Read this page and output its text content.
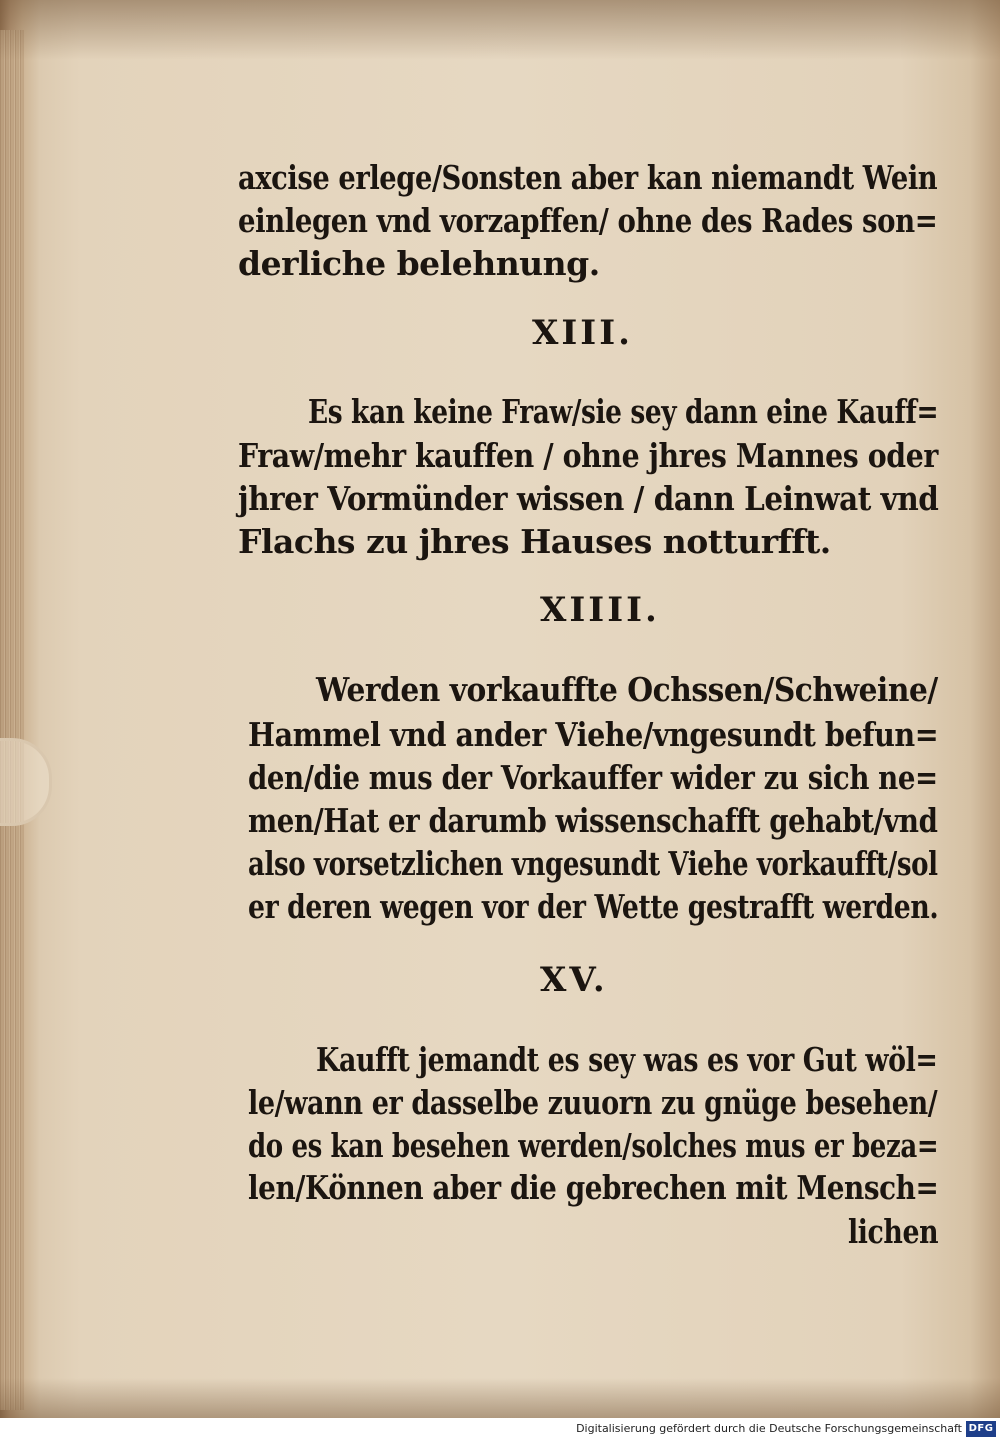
axcise erlege/Sonsten aber kan niemandt Wein
einlegen vnd vorzapffen/ ohne des Rades son=
derliche belehnung.
XIII.
Es kan keine Fraw/sie sey dann eine Kauff=
Fraw/mehr kauffen / ohne jhres Mannes oder
jhrer Vormünder wissen / dann Leinwat vnd
Flachs zu jhres Hauses notturfft.
XIIII.
Werden vorkauffte Ochssen/Schweine/
Hammel vnd ander Viehe/vngesundt befun=
den/die mus der Vorkauffer wider zu sich ne=
men/Hat er darumb wissenschafft gehabt/vnd
also vorsetzlichen vngesundt Viehe vorkaufft/sol
er deren wegen vor der Wette gestrafft werden.
XV.
Kaufft jemandt es sey was es vor Gut wöl=
le/wann er dasselbe zuuorn zu gnüge besehen/
do es kan besehen werden/solches mus er beza=
len/Können aber die gebrechen mit Mensch=
lichen
Digitalisierung gefördert durch die Deutsche Forschungsgemeinschaft DFG
